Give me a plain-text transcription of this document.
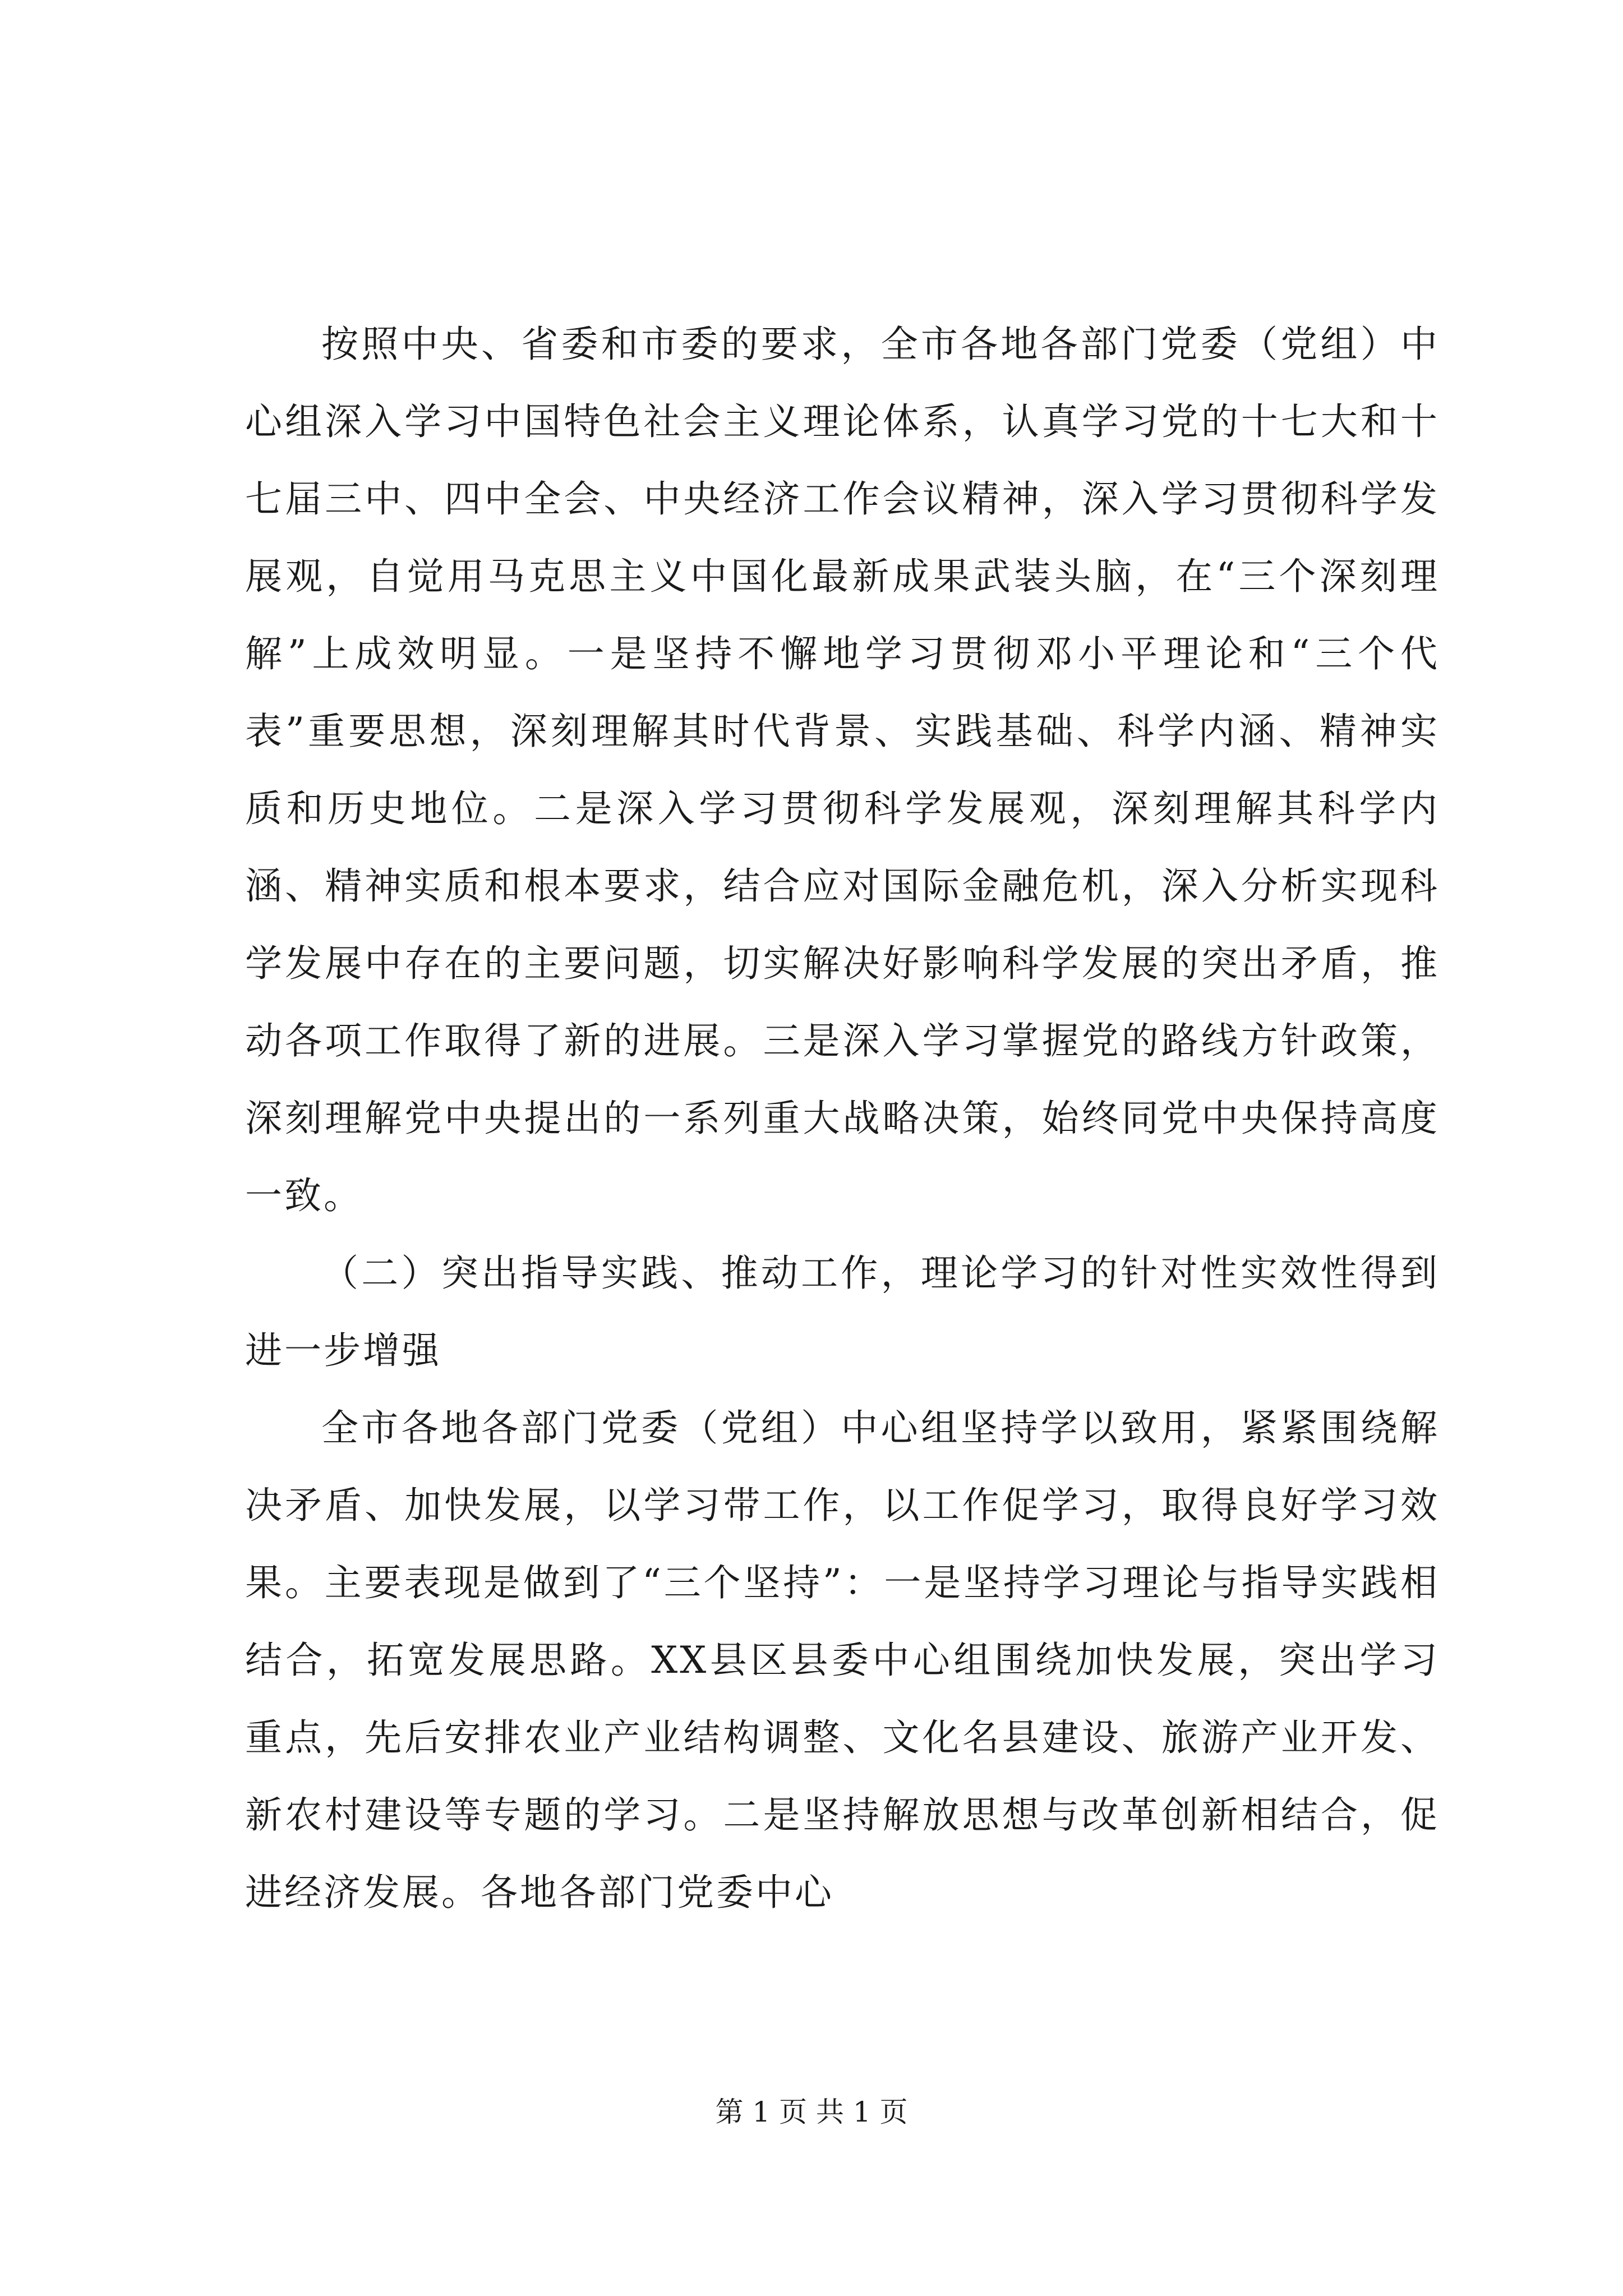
按照中央、省委和市委的要求，全市各地各部门党委（党组）中心组深入学习中国特色社会主义理论体系，认真学习党的十七大和十七届三中、四中全会、中央经济工作会议精神，深入学习贯彻科学发展观，自觉用马克思主义中国化最新成果武装头脑，在“三个深刻理解”上成效明显。一是坚持不懈地学习贯彻邓小平理论和“三个代表”重要思想，深刻理解其时代背景、实践基础、科学内涵、精神实质和历史地位。二是深入学习贯彻科学发展观，深刻理解其科学内涵、精神实质和根本要求，结合应对国际金融危机，深入分析实现科学发展中存在的主要问题，切实解决好影响科学发展的突出矛盾，推动各项工作取得了新的进展。三是深入学习掌握党的路线方针政策，深刻理解党中央提出的一系列重大战略决策，始终同党中央保持高度一致。

（二）突出指导实践、推动工作，理论学习的针对性实效性得到进一步增强

全市各地各部门党委（党组）中心组坚持学以致用，紧紧围绕解决矛盾、加快发展，以学习带工作，以工作促学习，取得良好学习效果。主要表现是做到了“三个坚持”：一是坚持学习理论与指导实践相结合，拓宽发展思路。XX县区县委中心组围绕加快发展，突出学习重点，先后安排农业产业结构调整、文化名县建设、旅游产业开发、新农村建设等专题的学习。二是坚持解放思想与改革创新相结合，促进经济发展。各地各部门党委中心

第 1 页 共 1 页
